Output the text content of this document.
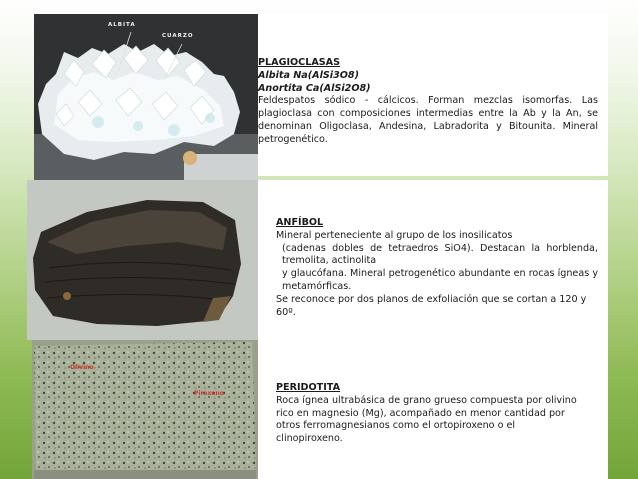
ALBITA
CUARZO
Olivino
Piroxeno
PLAGIOCLASAS
Albita Na(AlSi3O8)
Anortita Ca(AlSi2O8)
Feldespatos sódico - cálcicos. Forman mezclas isomorfas. Las plagioclasa con composiciones intermedias entre la Ab y la An, se denominan Oligoclasa, Andesina, Labradorita y Bitounita. Mineral petrogenético.
ANFÍBOL
Mineral perteneciente al grupo de los inosilicatos
(cadenas dobles de tetraedros SiO4). Destacan la horblenda, tremolita, actinolita
y glaucófana. Mineral petrogenético abundante en rocas ígneas y metamórficas.
Se reconoce por dos planos de exfoliación que se cortan a 120 y 60º.
PERIDOTITA
Roca ígnea ultrabásica de grano grueso compuesta por olivino rico en magnesio (Mg), acompañado en menor cantidad por otros ferromagnesianos como el ortopiroxeno o el clinopiroxeno.
